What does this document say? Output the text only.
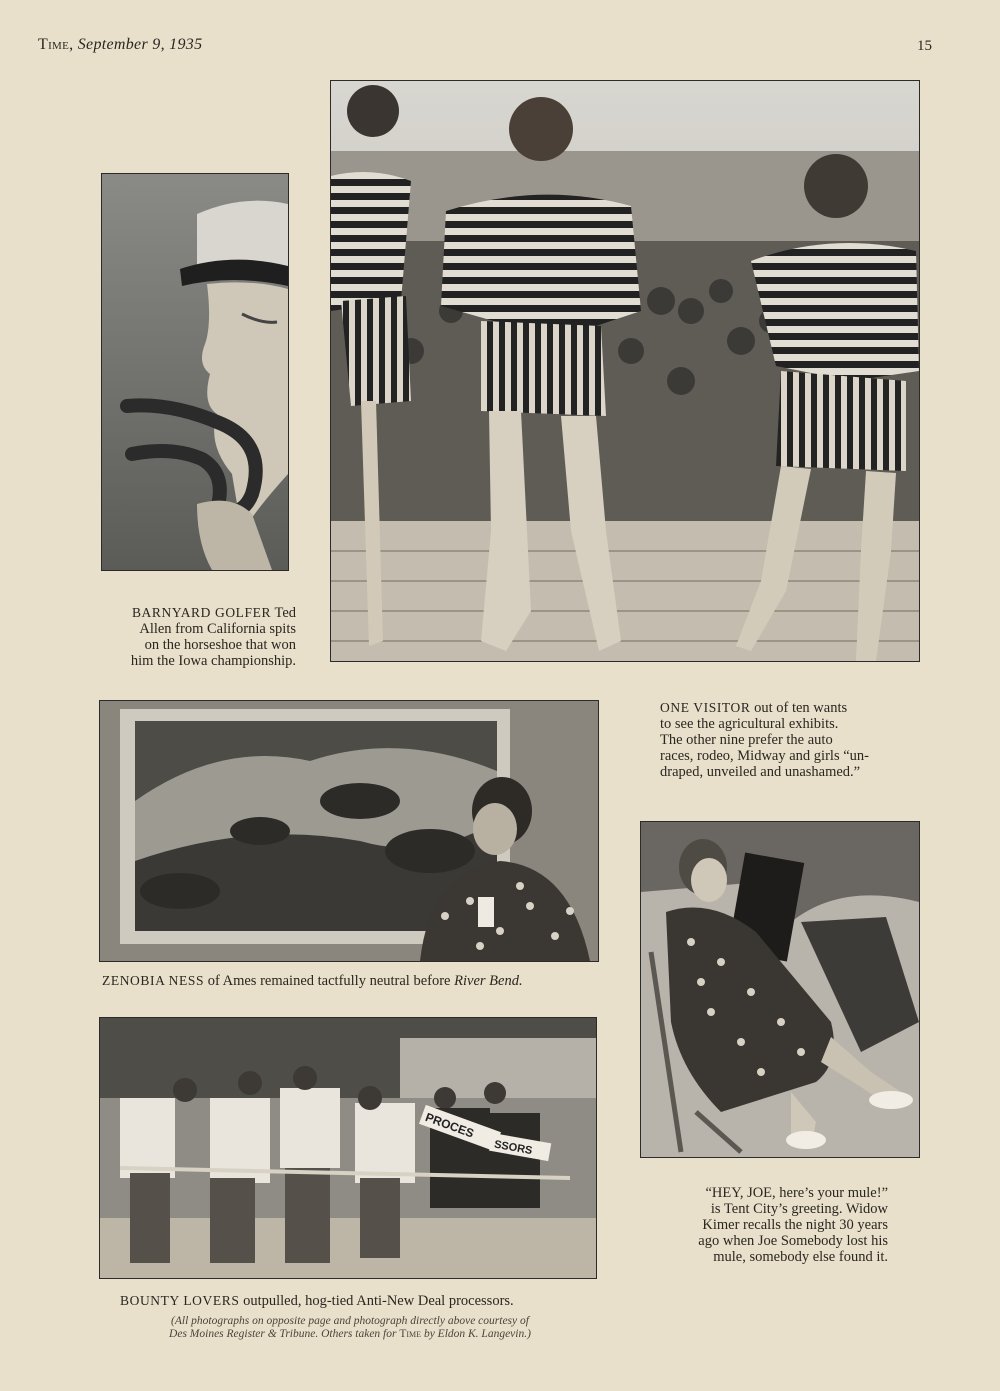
Time, September 9, 1935	15
BARNYARD GOLFER Ted
Allen from California spits
on the horseshoe that won
him the Iowa championship.
ONE VISITOR out of ten wants
to see the agricultural exhibits.
The other nine prefer the auto
races, rodeo, Midway and girls “un-
draped, unveiled and unashamed.”
ZENOBIA NESS of Ames remained tactfully neutral before River Bend.
“HEY, JOE, here’s your mule!”
is Tent City’s greeting. Widow
Kimer recalls the night 30 years
ago when Joe Somebody lost his
mule, somebody else found it.
PROCES
SSORS
BOUNTY LOVERS outpulled, hog-tied Anti-New Deal processors.
(All photographs on opposite page and photograph directly above courtesy of
Des Moines Register & Tribune. Others taken for Time by Eldon K. Langevin.)
